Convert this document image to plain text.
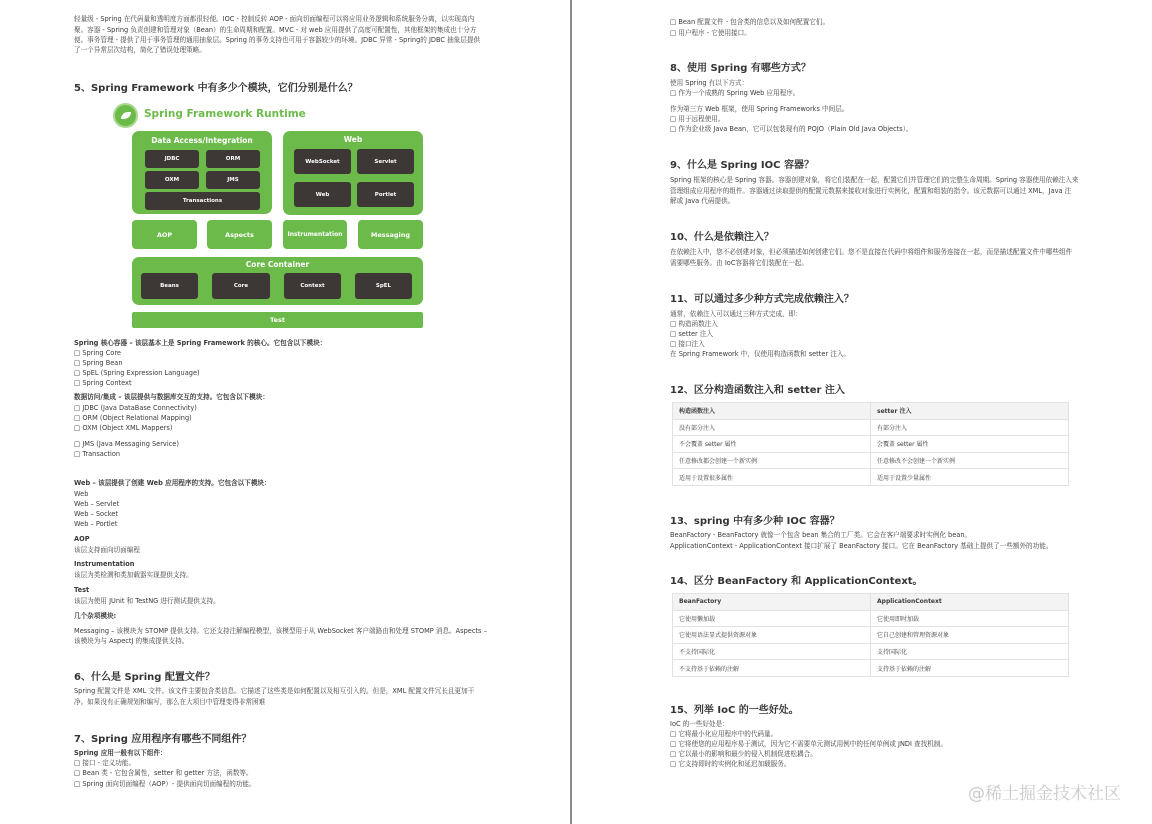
轻量级 - Spring 在代码量和透明度方面都很轻便。IOC - 控制反转 AOP - 面向切面编程可以将应用业务逻辑和系统服务分离，以实现高内
聚。容器 - Spring 负责创建和管理对象（Bean）的生命周期和配置。MVC - 对 web 应用提供了高度可配置性，其他框架的集成也十分方
便。事务管理 - 提供了用于事务管理的通用抽象层。Spring 的事务支持也可用于容器较少的环境。JDBC 异常 - Spring的 JDBC 抽象层提供
了一个异常层次结构，简化了错误处理策略。
5、Spring Framework 中有多少个模块，它们分别是什么？
Spring Framework Runtime
Data Access/Integration
JDBC	ORM
OXM	JMS
Transactions
Web
WebSocket	Servlet
Web	Portlet
AOP	Aspects	Instrumentation	Messaging
Core Container
Beans	Core	Context	SpEL
Test
Spring 核心容器 – 该层基本上是 Spring Framework 的核心。它包含以下模块：
□ Spring Core
□ Spring Bean
□ SpEL (Spring Expression Language)
□ Spring Context
数据访问/集成 – 该层提供与数据库交互的支持。它包含以下模块：
□ JDBC (Java DataBase Connectivity)
□ ORM (Object Relational Mapping)
□ OXM (Object XML Mappers)
□ JMS (Java Messaging Service)
□ Transaction
Web – 该层提供了创建 Web 应用程序的支持。它包含以下模块：
Web
Web – Servlet
Web – Socket
Web – Portlet
AOP
该层支持面向切面编程
Instrumentation
该层为类检测和类加载器实现提供支持。
Test
该层为使用 JUnit 和 TestNG 进行测试提供支持。
几个杂项模块:
Messaging – 该模块为 STOMP 提供支持。它还支持注解编程模型，该模型用于从 WebSocket 客户端路由和处理 STOMP 消息。Aspects –
该模块为与 AspectJ 的集成提供支持。
6、什么是 Spring 配置文件？
Spring 配置文件是 XML 文件。该文件主要包含类信息。它描述了这些类是如何配置以及相互引入的。但是，XML 配置文件冗长且更加干
净。如果没有正确规划和编写，那么在大项目中管理变得非常困难
7、Spring 应用程序有哪些不同组件？
Spring 应用一般有以下组件：
□ 接口 - 定义功能。
□ Bean 类 - 它包含属性，setter 和 getter 方法，函数等。
□ Spring 面向切面编程（AOP）- 提供面向切面编程的功能。
□ Bean 配置文件 - 包含类的信息以及如何配置它们。
□ 用户程序 - 它使用接口。
8、使用 Spring 有哪些方式？
使用 Spring 有以下方式：
□ 作为一个成熟的 Spring Web 应用程序。
作为第三方 Web 框架，使用 Spring Frameworks 中间层。
□ 用于远程使用。
□ 作为企业级 Java Bean，它可以包装现有的 POJO（Plain Old Java Objects）。
9、什么是 Spring IOC 容器？
Spring 框架的核心是 Spring 容器。容器创建对象，将它们装配在一起，配置它们并管理它们的完整生命周期。Spring 容器使用依赖注入来
管理组成应用程序的组件。容器通过读取提供的配置元数据来接收对象进行实例化，配置和组装的指令。该元数据可以通过 XML，Java 注
解或 Java 代码提供。
10、什么是依赖注入？
在依赖注入中，您不必创建对象，但必须描述如何创建它们。您不是直接在代码中将组件和服务连接在一起，而是描述配置文件中哪些组件
需要哪些服务。由 IoC容器将它们装配在一起。
11、可以通过多少种方式完成依赖注入？
通常，依赖注入可以通过三种方式完成，即：
□ 构造函数注入
□ setter 注入
□ 接口注入
在 Spring Framework 中，仅使用构造函数和 setter 注入。
12、区分构造函数注入和 setter 注入
构造函数注入	setter 注入
没有部分注入	有部分注入
不会覆盖 setter 属性	会覆盖 setter 属性
任意修改都会创建一个新实例	任意修改不会创建一个新实例
适用于设置很多属性	适用于设置少量属性
13、spring 中有多少种 IOC 容器？
BeanFactory - BeanFactory 就像一个包含 bean 集合的工厂类。它会在客户端要求时实例化 bean。
ApplicationContext - ApplicationContext 接口扩展了 BeanFactory 接口。它在 BeanFactory 基础上提供了一些额外的功能。
14、区分 BeanFactory 和 ApplicationContext。
BeanFactory	ApplicationContext
它使用懒加载	它使用即时加载
它使用语法显式提供资源对象	它自己创建和管理资源对象
不支持国际化	支持国际化
不支持基于依赖的注解	支持基于依赖的注解
15、列举 IoC 的一些好处。
IoC 的一些好处是：
□ 它将最小化应用程序中的代码量。
□ 它将使您的应用程序易于测试，因为它不需要单元测试用例中的任何单例或 JNDI 查找机制。
□ 它以最小的影响和最少的侵入机制促进松耦合。
□ 它支持即时的实例化和延迟加载服务。
@稀土掘金技术社区
